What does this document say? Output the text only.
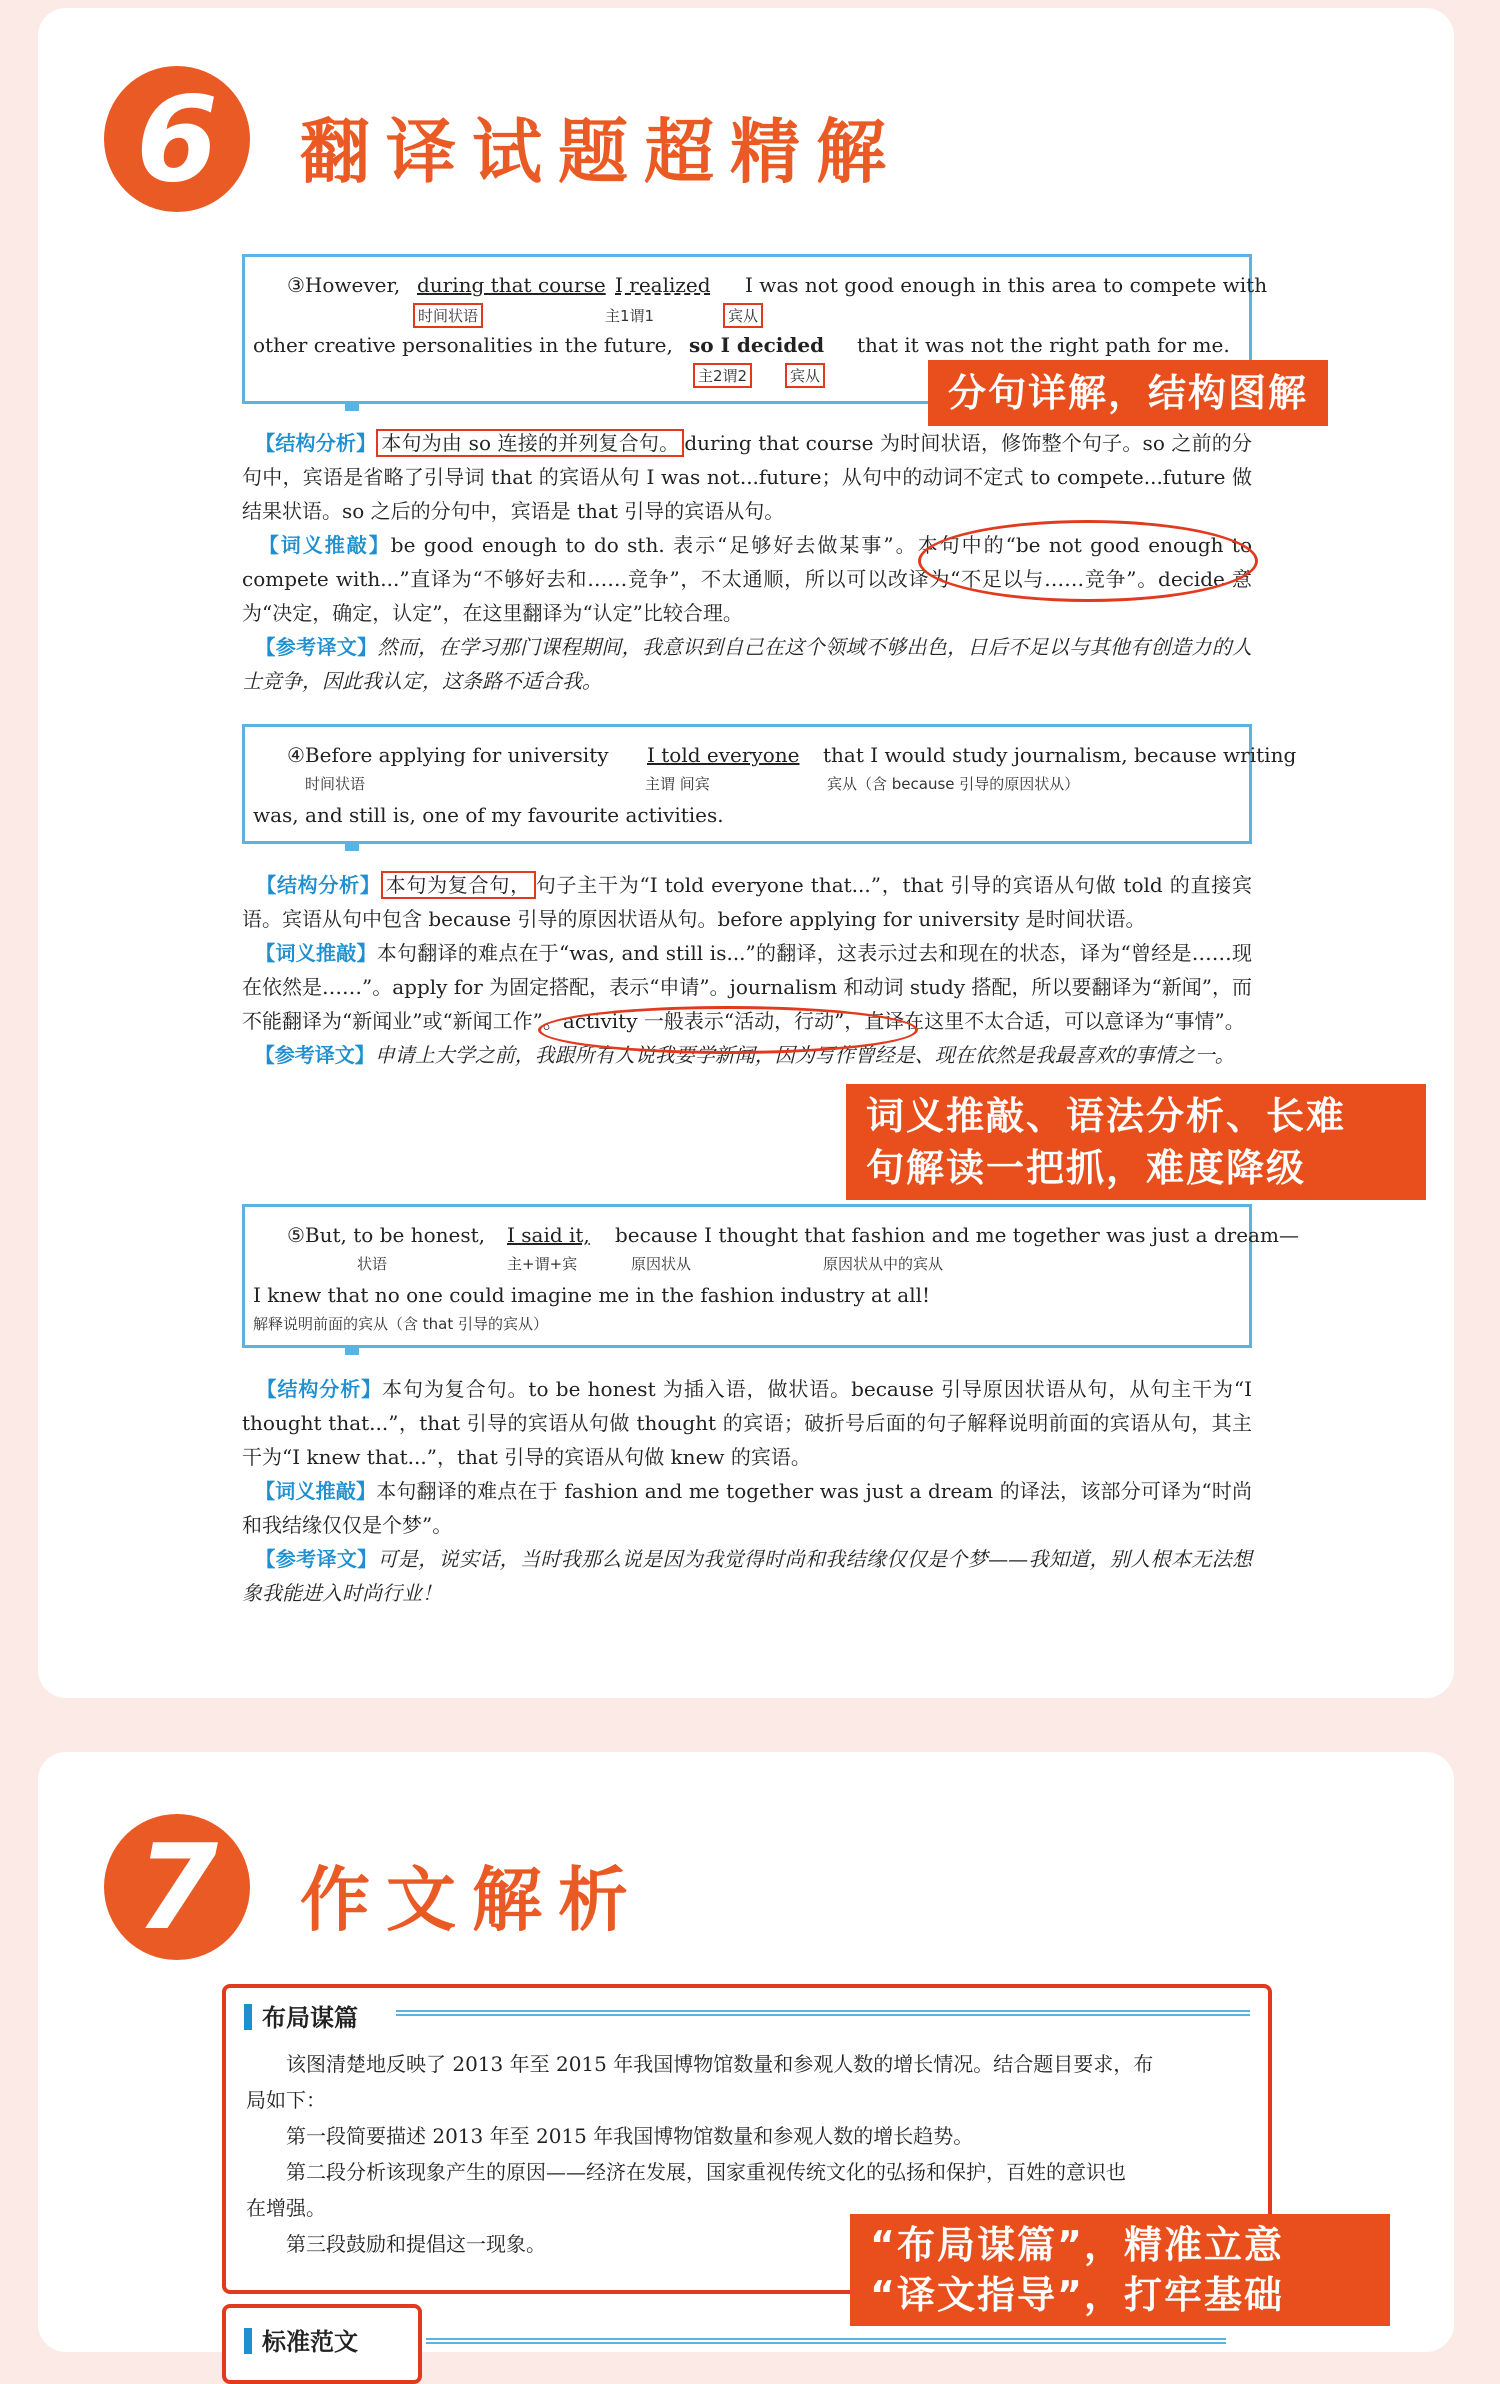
6	翻译试题超精解
③However, during that course I realized I was not good enough in this area to compete with
时间状语	主1谓1	宾从
other creative personalities in the future, so I decided that it was not the right path for me.
主2谓2	宾从	分句详解，结构图解

【结构分析】 本句为由 so 连接的并列复合句。 during that course 为时间状语，修饰整个句子。so 之前的分句中，宾语是省略了引导词 that 的宾语从句 I was not...future；从句中的动词不定式 to compete...future 做结果状语。so 之后的分句中，宾语是 that 引导的宾语从句。

【词义推敲】be good enough to do sth. 表示“足够好去做某事”。本句中的“be not good enough to compete with...”直译为“不够好去和……竞争”，不太通顺，所以可以改译为“不足以与……竞争”。decide 意为“决定，确定，认定”，在这里翻译为“认定”比较合理。

【参考译文】然而，在学习那门课程期间，我意识到自己在这个领域不够出色，日后不足以与其他有创造力的人士竞争，因此我认定，这条路不适合我。

④Before applying for university I told everyone that I would study journalism, because writing
时间状语	主谓 间宾	宾从（含 because 引导的原因状从）
was, and still is, one of my favourite activities.

【结构分析】 本句为复合句， 句子主干为“I told everyone that...”，that 引导的宾语从句做 told 的直接宾语。宾语从句中包含 because 引导的原因状语从句。before applying for university 是时间状语。

【词义推敲】本句翻译的难点在于“was, and still is...”的翻译，这表示过去和现在的状态，译为“曾经是……现在依然是……”。apply for 为固定搭配，表示“申请”。journalism 和动词 study 搭配，所以要翻译为“新闻”，而不能翻译为“新闻业”或“新闻工作”。activity 一般表示“活动，行动”，直译在这里不太合适，可以意译为“事情”。

【参考译文】申请上大学之前，我跟所有人说我要学新闻，因为写作曾经是、现在依然是我最喜欢的事情之一。

词义推敲、语法分析、长难
句解读一把抓，难度降级
⑤But, to be honest, I said it, because I thought that fashion and me together was just a dream—
状语	主+谓+宾	原因状从	原因状从中的宾从
I knew that no one could imagine me in the fashion industry at all!
解释说明前面的宾从（含 that 引导的宾从）

【结构分析】本句为复合句。to be honest 为插入语，做状语。because 引导原因状语从句，从句主干为“I thought that...”，that 引导的宾语从句做 thought 的宾语；破折号后面的句子解释说明前面的宾语从句，其主干为“I knew that...”，that 引导的宾语从句做 knew 的宾语。

【词义推敲】本句翻译的难点在于 fashion and me together was just a dream 的译法，该部分可译为“时尚和我结缘仅仅是个梦”。

【参考译文】可是，说实话，当时我那么说是因为我觉得时尚和我结缘仅仅是个梦——我知道，别人根本无法想象我能进入时尚行业！

7	作文解析
布局谋篇
该图清楚地反映了 2013 年至 2015 年我国博物馆数量和参观人数的增长情况。结合题目要求，布
局如下：
第一段简要描述 2013 年至 2015 年我国博物馆数量和参观人数的增长趋势。
第二段分析该现象产生的原因——经济在发展，国家重视传统文化的弘扬和保护，百姓的意识也
在增强。
第三段鼓励和提倡这一现象。
标准范文
“布局谋篇”，精准立意
“译文指导”，打牢基础
